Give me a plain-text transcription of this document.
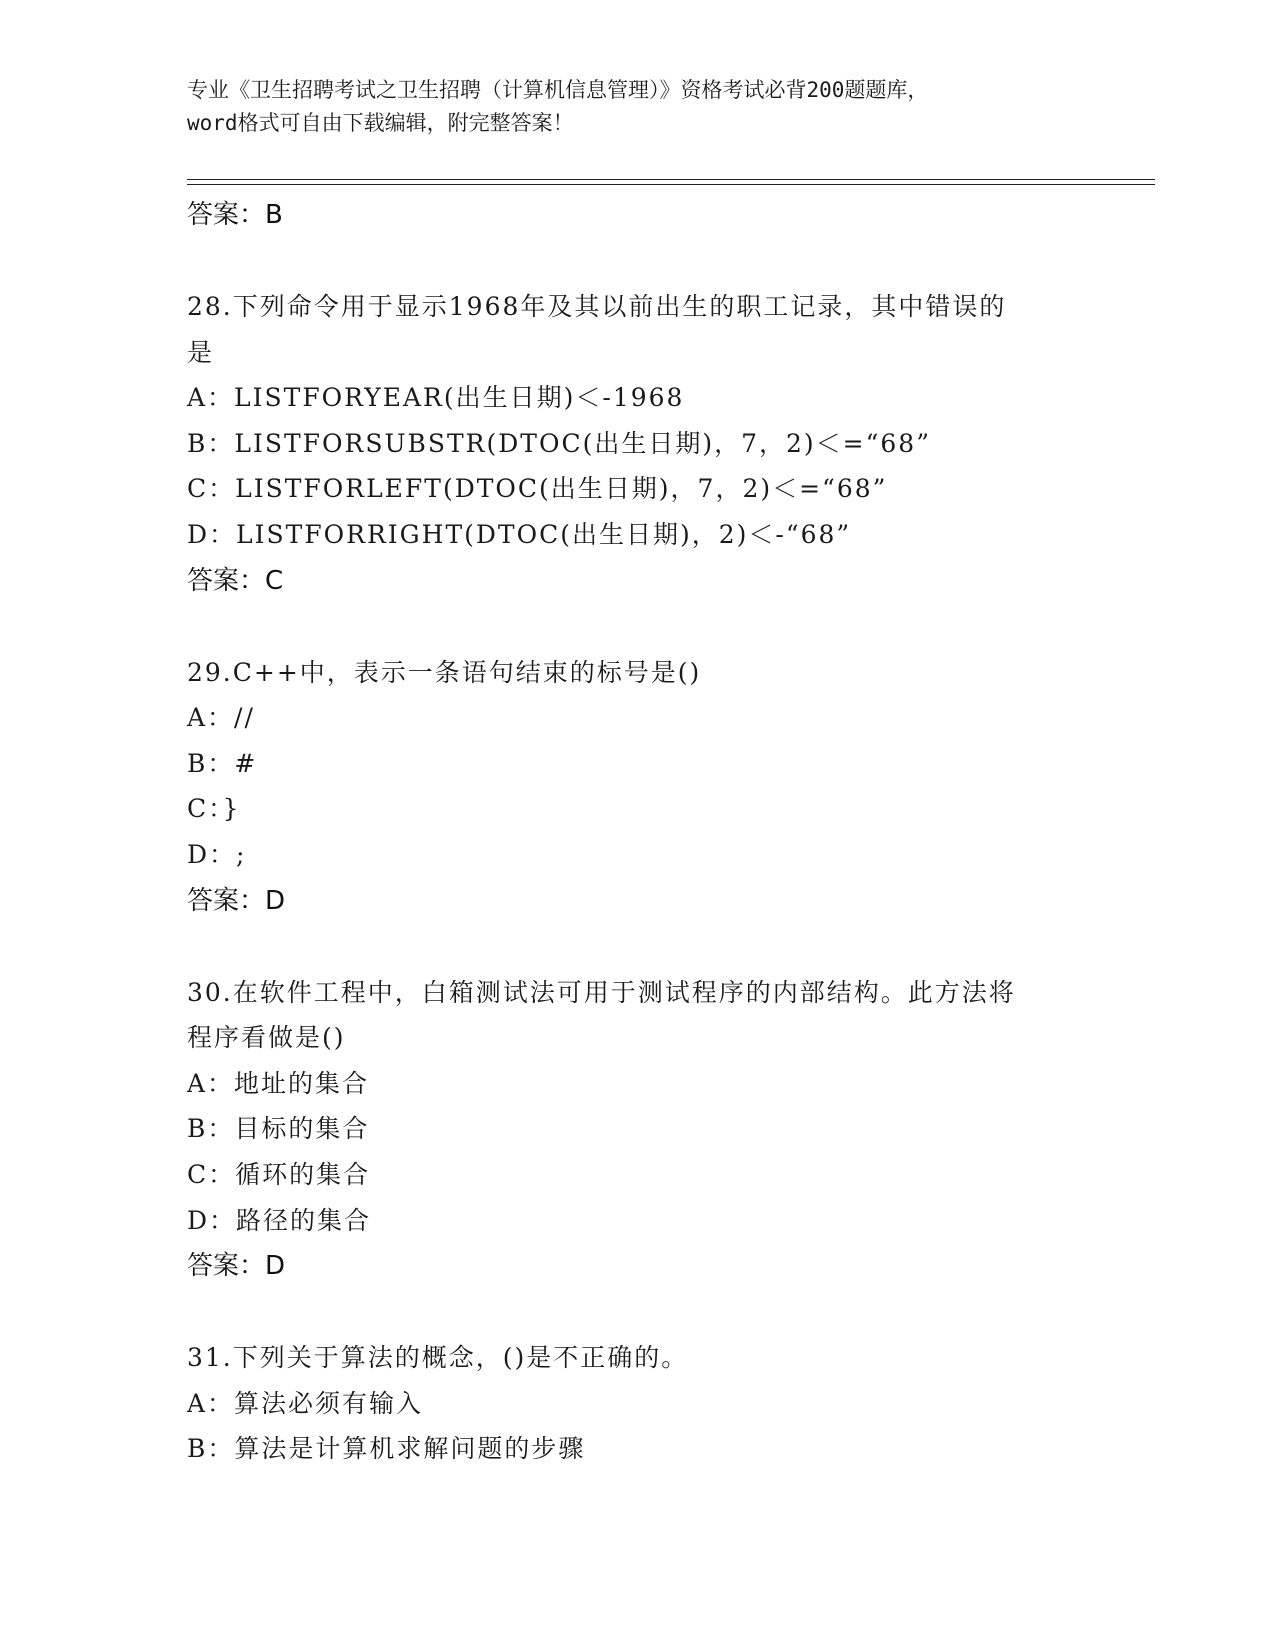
专业《卫生招聘考试之卫生招聘（计算机信息管理）》资格考试必背200题题库，
word格式可自由下载编辑，附完整答案！
答案：B
28.下列命令用于显示1968年及其以前出生的职工记录，其中错误的
是
A：LISTFORYEAR(出生日期)＜-1968
B：LISTFORSUBSTR(DTOC(出生日期)，7，2)＜=“68”
C：LISTFORLEFT(DTOC(出生日期)，7，2)＜=“68”
D：LISTFORRIGHT(DTOC(出生日期)，2)＜-“68”
答案：C
29.C++中，表示一条语句结束的标号是()
A：//
B：#
C：}
D：;
答案：D
30.在软件工程中，白箱测试法可用于测试程序的内部结构。此方法将
程序看做是()
A：地址的集合
B：目标的集合
C：循环的集合
D：路径的集合
答案：D
31.下列关于算法的概念，()是不正确的。
A：算法必须有输入
B：算法是计算机求解问题的步骤
